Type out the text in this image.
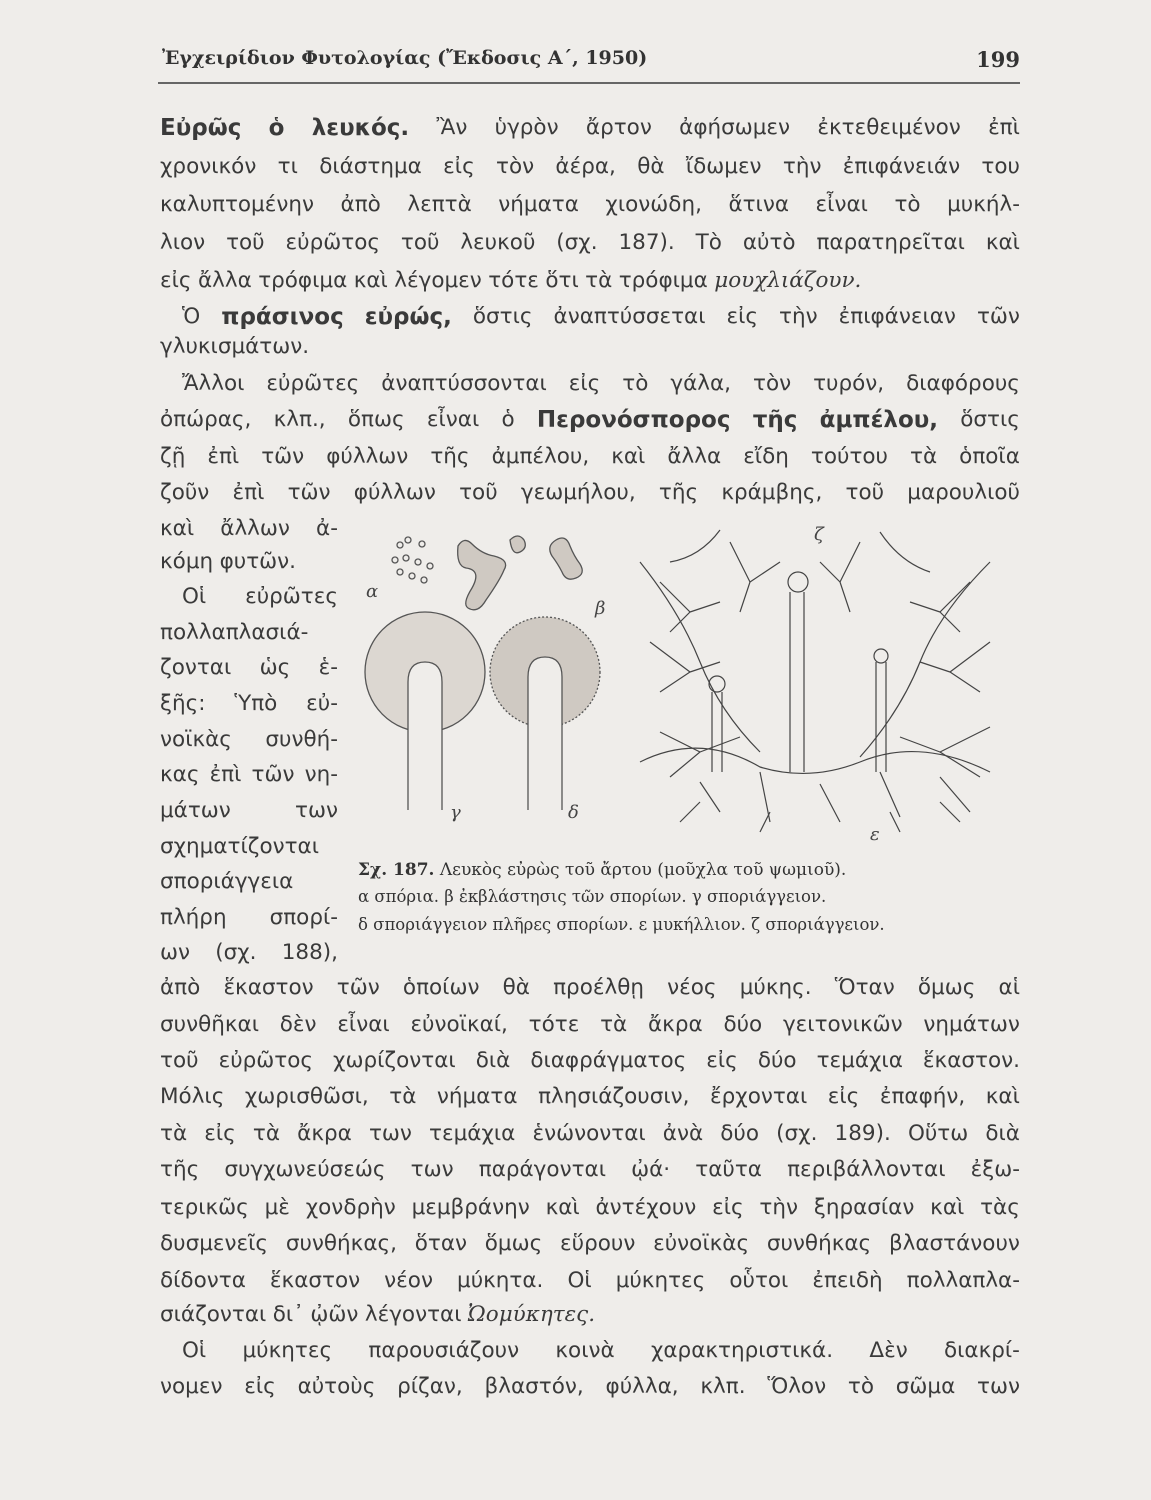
Ἐγχειρίδιον Φυτολογίας (Ἔκδοσις Α΄, 1950)	199
Εὐρῶς ὁ λευκός. Ἂν ὑγρὸν ἄρτον ἀφήσωμεν ἐκτεθειμένον ἐπὶ
χρονικόν τι διάστημα εἰς τὸν ἀέρα, θὰ ἴδωμεν τὴν ἐπιφάνειάν του
καλυπτομένην ἀπὸ λεπτὰ νήματα χιονώδη, ἅτινα εἶναι τὸ μυκήλ-
λιον τοῦ εὐρῶτος τοῦ λευκοῦ (σχ. 187). Τὸ αὐτὸ παρατηρεῖται καὶ
εἰς ἄλλα τρόφιμα καὶ λέγομεν τότε ὅτι τὰ τρόφιμα μουχλιάζουν.
Ὁ πράσινος εὐρώς, ὅστις ἀναπτύσσεται εἰς τὴν ἐπιφάνειαν τῶν
γλυκισμάτων.
Ἄλλοι εὐρῶτες ἀναπτύσσονται εἰς τὸ γάλα, τὸν τυρόν, διαφόρους
ὀπώρας, κλπ., ὅπως εἶναι ὁ Περονόσπορος τῆς ἀμπέλου, ὅστις
ζῇ ἐπὶ τῶν φύλλων τῆς ἀμπέλου, καὶ ἄλλα εἴδη τούτου τὰ ὁποῖα
ζοῦν ἐπὶ τῶν φύλλων τοῦ γεωμήλου, τῆς κράμβης, τοῦ μαρουλιοῦ
καὶ ἄλλων ἀ-
κόμη φυτῶν.
Οἱ εὐρῶτες
πολλαπλασιά-
ζονται ὡς ἑ-
ξῆς: Ὑπὸ εὐ-
νοϊκὰς συνθή-
κας ἐπὶ τῶν νη-
μάτων	των
σχηματίζονται
σποριάγγεια
πλήρη σπορί-
ων (σχ. 188),
ἀπὸ ἕκαστον τῶν ὁποίων θὰ προέλθῃ νέος μύκης. Ὅταν ὅμως αἱ
συνθῆκαι δὲν εἶναι εὐνοϊκαί, τότε τὰ ἄκρα δύο γειτονικῶν νημάτων
τοῦ εὐρῶτος χωρίζονται διὰ διαφράγματος εἰς δύο τεμάχια ἕκαστον.
Μόλις χωρισθῶσι, τὰ νήματα πλησιάζουσιν, ἔρχονται εἰς ἐπαφήν, καὶ
τὰ εἰς τὰ ἄκρα των τεμάχια ἑνώνονται ἀνὰ δύο (σχ. 189). Οὕτω διὰ
τῆς συγχωνεύσεώς των παράγονται ᾠά· ταῦτα περιβάλλονται ἐξω-
τερικῶς μὲ χονδρὴν μεμβράνην καὶ ἀντέχουν εἰς τὴν ξηρασίαν καὶ τὰς
δυσμενεῖς συνθήκας, ὅταν ὅμως εὕρουν εὐνοϊκὰς συνθήκας βλαστάνουν
δίδοντα ἕκαστον νέον μύκητα. Οἱ μύκητες οὗτοι ἐπειδὴ πολλαπλα-
σιάζονται δι᾽ ᾠῶν λέγονται Ὠομύκητες.
Οἱ μύκητες παρουσιάζουν κοινὰ χαρακτηριστικά. Δὲν διακρί-
νομεν εἰς αὐτοὺς ρίζαν, βλαστόν, φύλλα, κλπ. Ὅλον τὸ σῶμα των
α
β
γ	δ
ε
ζ
Σχ. 187. Λευκὸς εὐρὼς τοῦ ἄρτου (μοῦχλα τοῦ ψωμιοῦ).
α σπόρια. β ἐκβλάστησις τῶν σπορίων. γ σποριάγγειον.
δ σποριάγγειον πλῆρες σπορίων. ε μυκήλλιον. ζ σποριάγγειον.
